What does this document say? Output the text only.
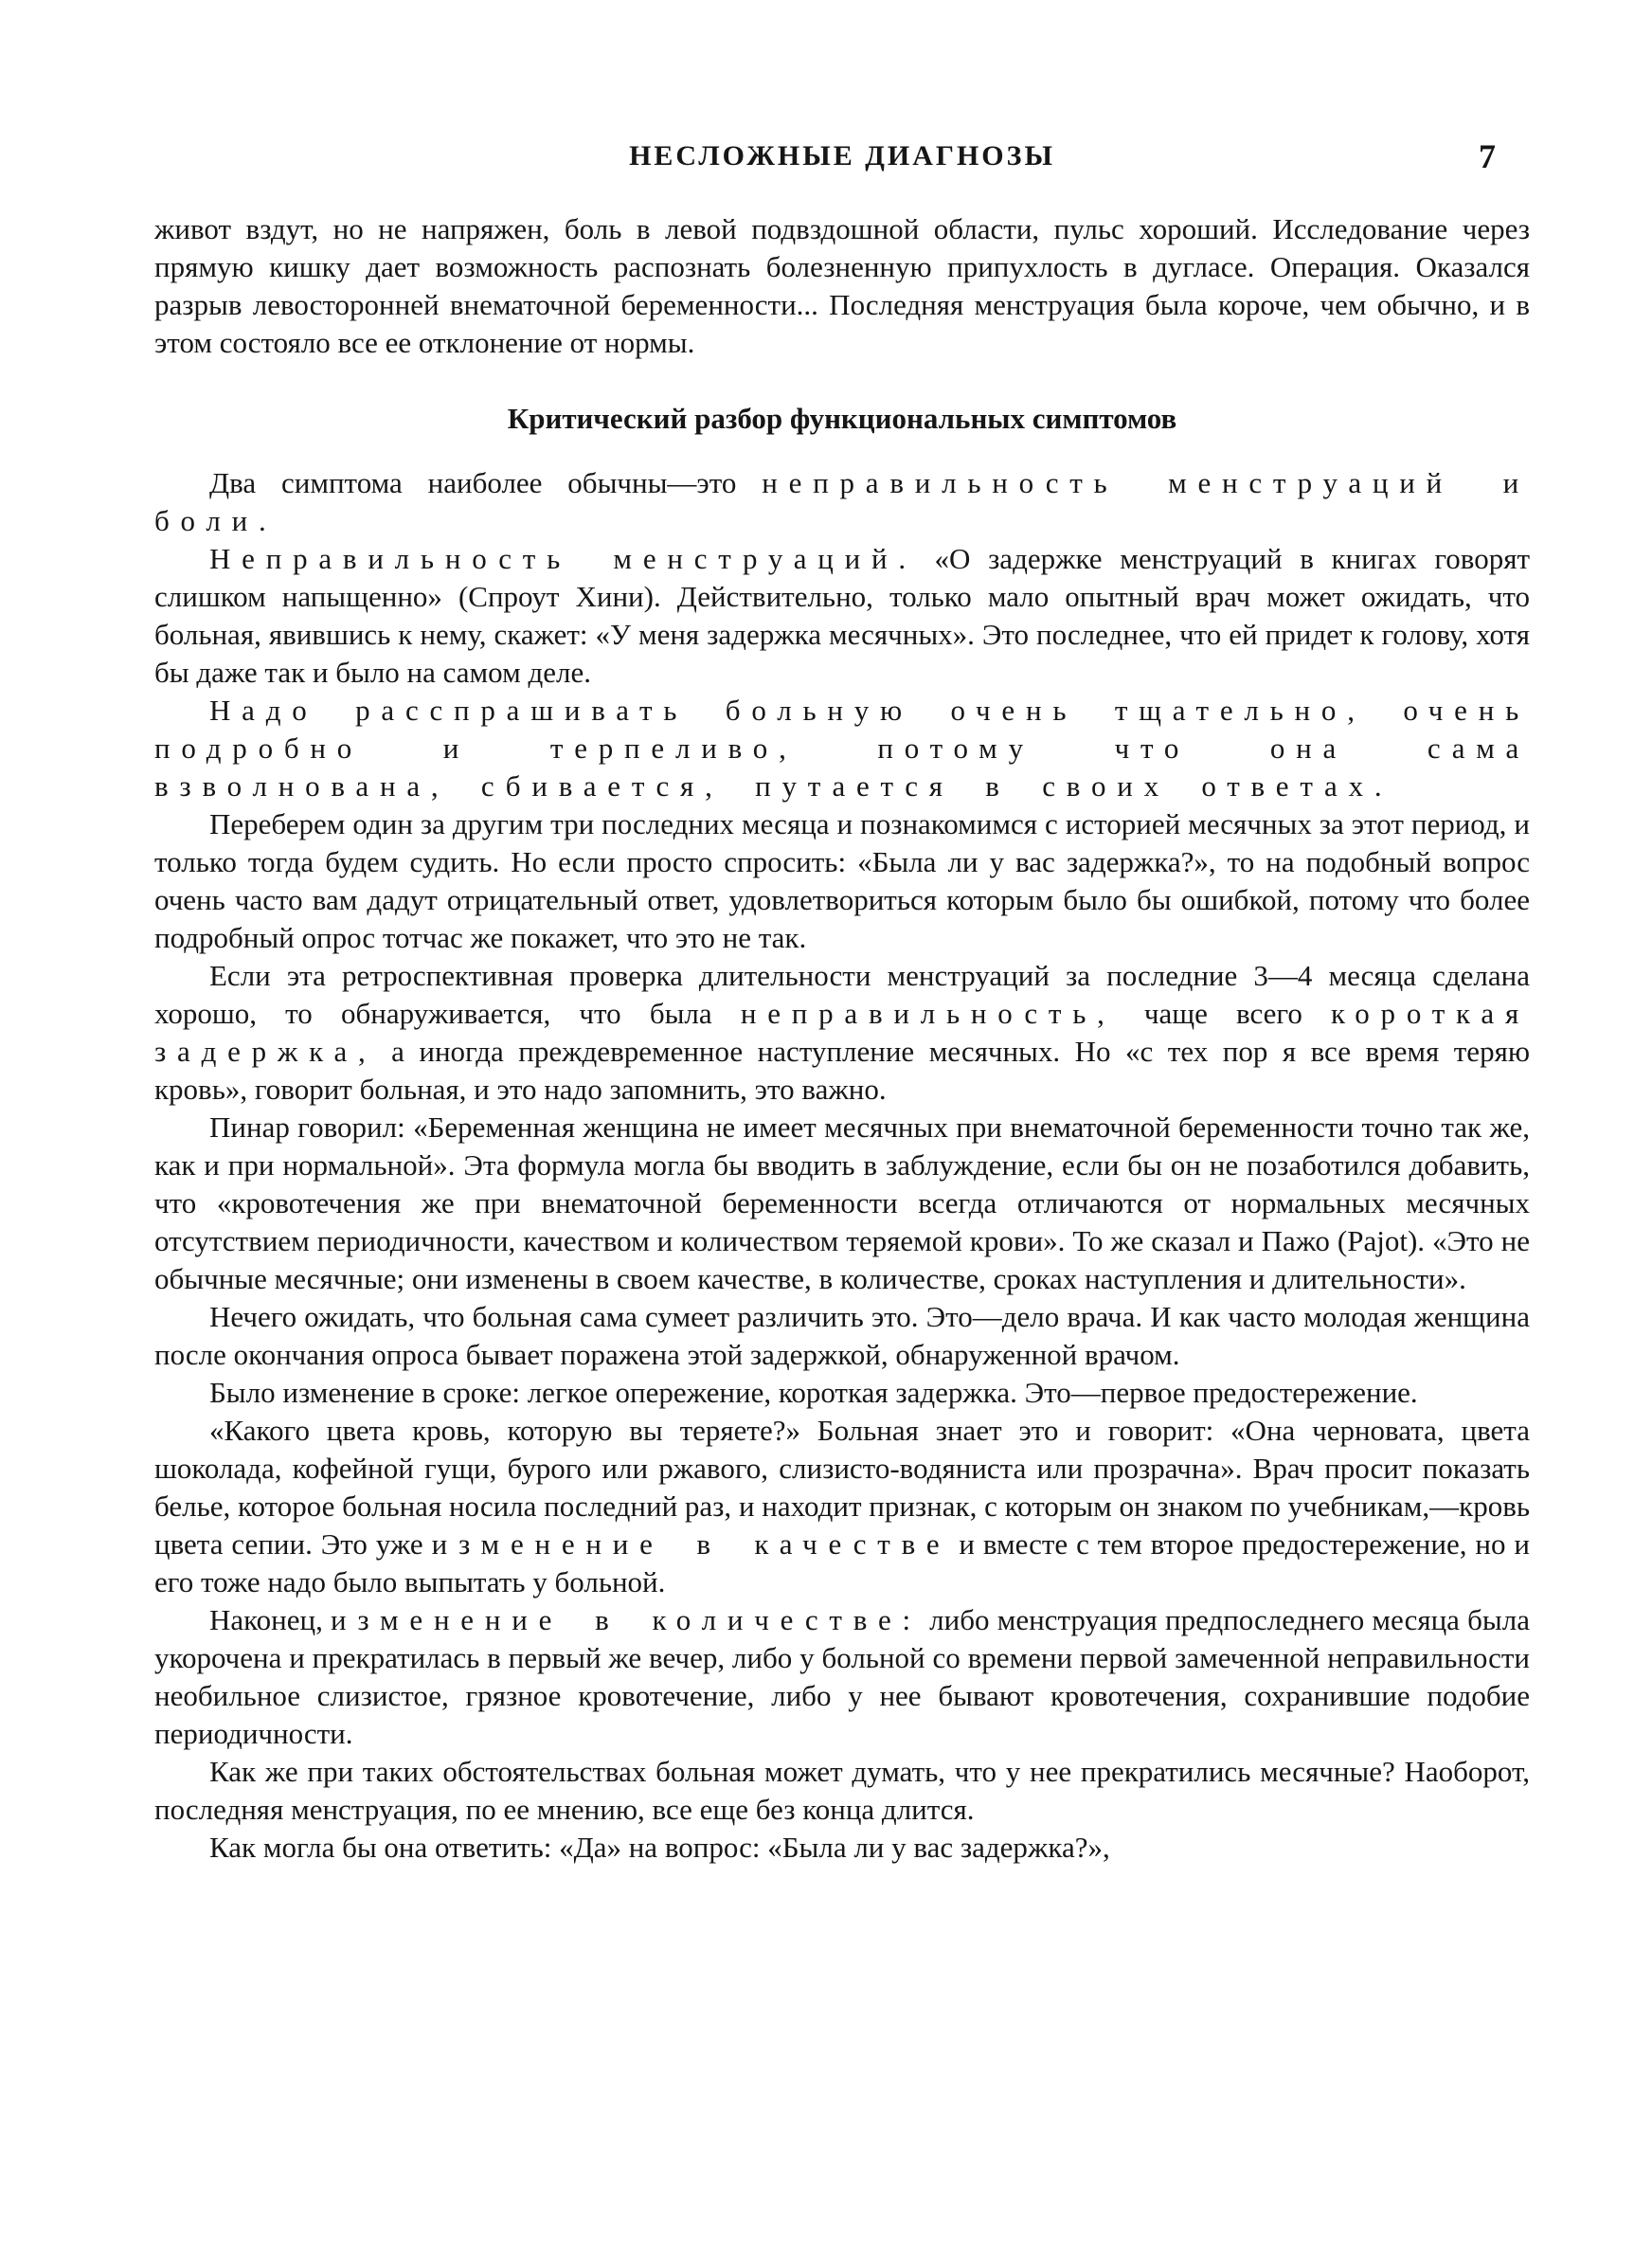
НЕСЛОЖНЫЕ ДИАГНОЗЫ	7

живот вздут, но не напряжен, боль в левой подвздошной области, пульс хороший. Исследование через прямую кишку дает возможность распознать болезненную припухлость в дугласе. Операция. Оказался разрыв левосторонней внематочной беременности... Последняя менструация была короче, чем обычно, и в этом состояло все ее отклонение от нормы.

Критический разбор функциональных симптомов

Два симптома наиболее обычны—это неправильность менструаций и боли.

Неправильность менструаций. «О задержке менструаций в книгах говорят слишком напыщенно» (Спроут Хини). Действительно, только мало опытный врач может ожидать, что больная, явившись к нему, скажет: «У меня задержка месячных». Это последнее, что ей придет к голову, хотя бы даже так и было на самом деле.

Надо расспрашивать больную очень тщательно, очень подробно и терпеливо, потому что она сама взволнована, сбивается, путается в своих ответах.

Переберем один за другим три последних месяца и познакомимся с историей месячных за этот период, и только тогда будем судить. Но если просто спросить: «Была ли у вас задержка?», то на подобный вопрос очень часто вам дадут отрицательный ответ, удовлетвориться которым было бы ошибкой, потому что более подробный опрос тотчас же покажет, что это не так.

Если эта ретроспективная проверка длительности менструаций за последние 3—4 месяца сделана хорошо, то обнаруживается, что была неправильность, чаще всего короткая задержка, а иногда преждевременное наступление месячных. Но «с тех пор я все время теряю кровь», говорит больная, и это надо запомнить, это важно.

Пинар говорил: «Беременная женщина не имеет месячных при внематочной беременности точно так же, как и при нормальной». Эта формула могла бы вводить в заблуждение, если бы он не позаботился добавить, что «кровотечения же при внематочной беременности всегда отличаются от нормальных месячных отсутствием периодичности, качеством и количеством теряемой крови». То же сказал и Пажо (Pajot). «Это не обычные месячные; они изменены в своем качестве, в количестве, сроках наступления и длительности».

Нечего ожидать, что больная сама сумеет различить это. Это—дело врача. И как часто молодая женщина после окончания опроса бывает поражена этой задержкой, обнаруженной врачом.

Было изменение в сроке: легкое опережение, короткая задержка. Это—первое предостережение.

«Какого цвета кровь, которую вы теряете?» Больная знает это и говорит: «Она черновата, цвета шоколада, кофейной гущи, бурого или ржавого, слизисто-водяниста или прозрачна». Врач просит показать белье, которое больная носила последний раз, и находит признак, с которым он знаком по учебникам,—кровь цвета сепии. Это уже изменение в качестве и вместе с тем второе предостережение, но и его тоже надо было выпытать у больной.

Наконец, изменение в количестве: либо менструация предпоследнего месяца была укорочена и прекратилась в первый же вечер, либо у больной со времени первой замеченной неправильности необильное слизистое, грязное кровотечение, либо у нее бывают кровотечения, сохранившие подобие периодичности.

Как же при таких обстоятельствах больная может думать, что у нее прекратились месячные? Наоборот, последняя менструация, по ее мнению, все еще без конца длится.

Как могла бы она ответить: «Да» на вопрос: «Была ли у вас задержка?»,
